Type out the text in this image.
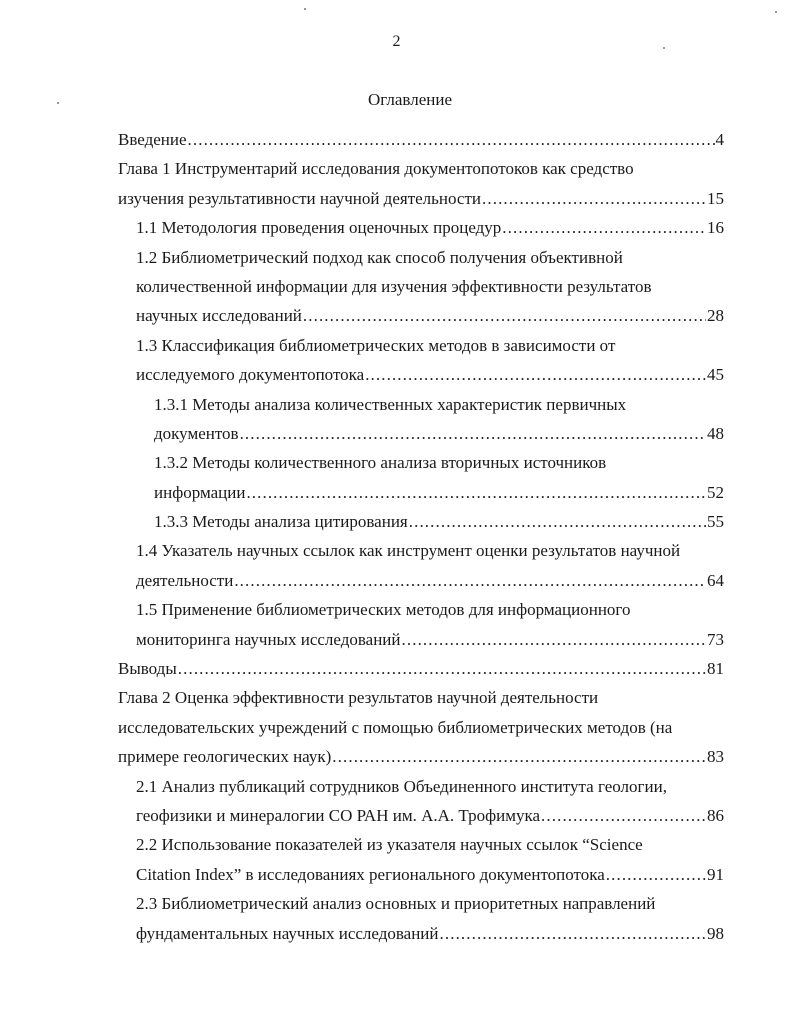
2
Оглавление
Введение .....	4
Глава 1 Инструментарий исследования документопотоков как средство
изучения результативности научной деятельности .....	15
1.1 Методология проведения оценочных процедур .....	16
1.2 Библиометрический подход как способ получения объективной
количественной информации для изучения эффективности результатов
научных исследований .....	28
1.3 Классификация библиометрических методов в зависимости от
исследуемого документопотока .....	45
1.3.1 Методы анализа количественных характеристик первичных
документов .....	48
1.3.2 Методы количественного анализа вторичных источников
информации .....	52
1.3.3 Методы анализа цитирования .....	55
1.4 Указатель научных ссылок как инструмент оценки результатов научной
деятельности .....	64
1.5 Применение библиометрических методов для информационного
мониторинга научных исследований .....	73
Выводы .....	81
Глава 2 Оценка эффективности результатов научной деятельности
исследовательских учреждений с помощью библиометрических методов (на
примере геологических наук) .....	83
2.1 Анализ публикаций сотрудников Объединенного института геологии,
геофизики и минералогии СО РАН им. А.А. Трофимука .....	86
2.2 Использование показателей из указателя научных ссылок “Science
Citation Index” в исследованиях регионального документопотока .....	91
2.3 Библиометрический анализ основных и приоритетных направлений
фундаментальных научных исследований .....	98
